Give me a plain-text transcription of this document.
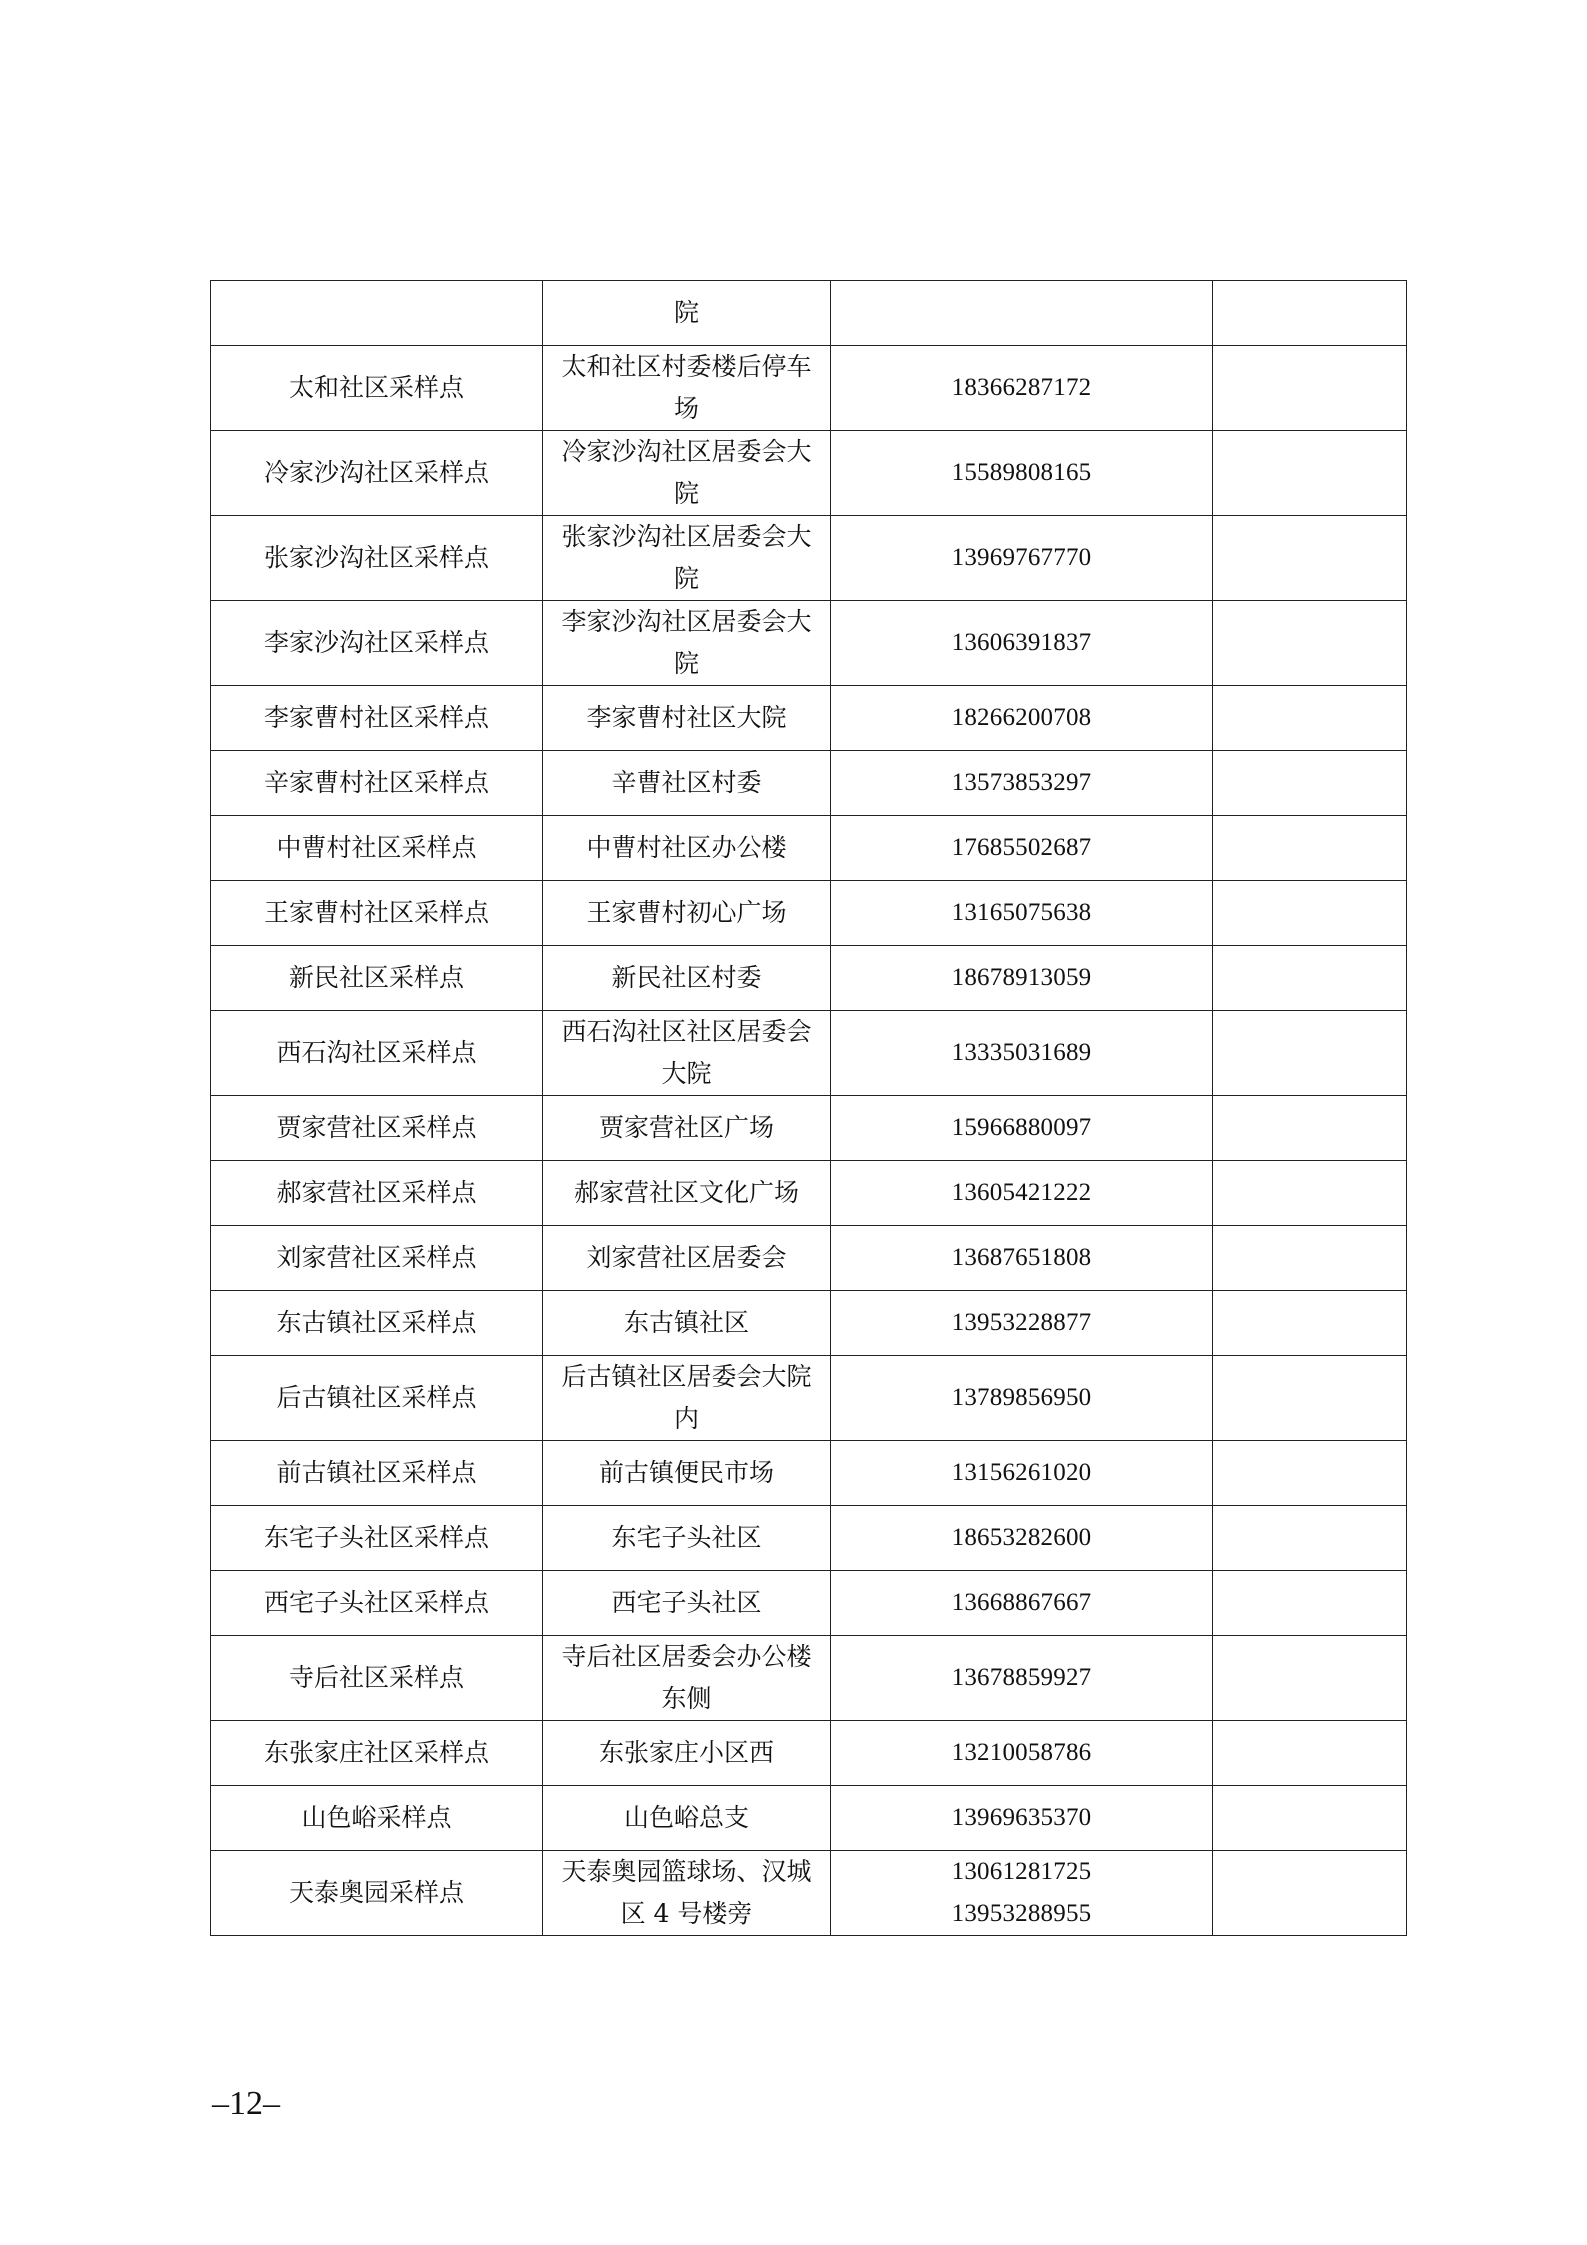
	院		
太和社区采样点	太和社区村委楼后停车场	18366287172	

冷家沙沟社区采样点	冷家沙沟社区居委会大院	15589808165	

张家沙沟社区采样点	张家沙沟社区居委会大院	13969767770	

李家沙沟社区采样点	李家沙沟社区居委会大院	13606391837	

李家曹村社区采样点	李家曹村社区大院	18266200708	

辛家曹村社区采样点	辛曹社区村委	13573853297	

中曹村社区采样点	中曹村社区办公楼	17685502687	

王家曹村社区采样点	王家曹村初心广场	13165075638	

新民社区采样点	新民社区村委	18678913059	

西石沟社区采样点	西石沟社区社区居委会大院	13335031689	

贾家营社区采样点	贾家营社区广场	15966880097	

郝家营社区采样点	郝家营社区文化广场	13605421222	

刘家营社区采样点	刘家营社区居委会	13687651808	

东古镇社区采样点	东古镇社区	13953228877	

后古镇社区采样点	后古镇社区居委会大院内	13789856950	

前古镇社区采样点	前古镇便民市场	13156261020	

东宅子头社区采样点	东宅子头社区	18653282600	

西宅子头社区采样点	西宅子头社区	13668867667	

寺后社区采样点	寺后社区居委会办公楼东侧	13678859927	

东张家庄社区采样点	东张家庄小区西	13210058786	

山色峪采样点	山色峪总支	13969635370	

天泰奥园采样点	天泰奥园篮球场、汉城区 4 号楼旁	13061281725
13953288955	

–12–
